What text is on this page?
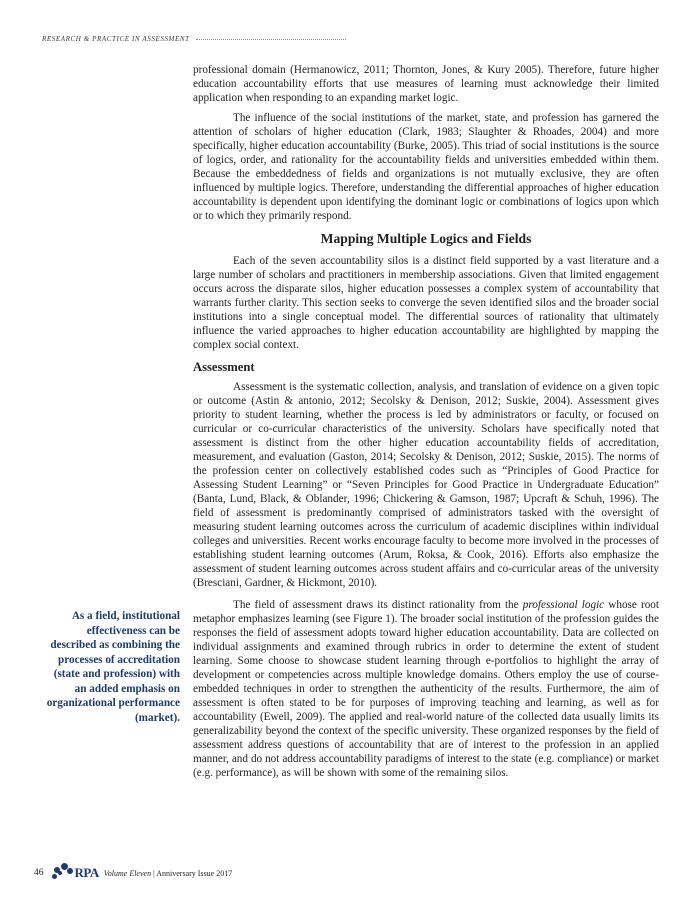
RESEARCH & PRACTICE IN ASSESSMENT

professional domain (Hermanowicz, 2011; Thornton, Jones, & Kury 2005). Therefore, future higher education accountability efforts that use measures of learning must acknowledge their limited application when responding to an expanding market logic.

The influence of the social institutions of the market, state, and profession has garnered the attention of scholars of higher education (Clark, 1983; Slaughter & Rhoades, 2004) and more specifically, higher education accountability (Burke, 2005). This triad of social institutions is the source of logics, order, and rationality for the accountability fields and universities embedded within them. Because the embeddedness of fields and organizations is not mutually exclusive, they are often influenced by multiple logics. Therefore, understanding the differential approaches of higher education accountability is dependent upon identifying the dominant logic or combinations of logics upon which or to which they primarily respond.

Mapping Multiple Logics and Fields

Each of the seven accountability silos is a distinct field supported by a vast literature and a large number of scholars and practitioners in membership associations. Given that limited engagement occurs across the disparate silos, higher education possesses a complex system of accountability that warrants further clarity. This section seeks to converge the seven identified silos and the broader social institutions into a single conceptual model. The differential sources of rationality that ultimately influence the varied approaches to higher education accountability are highlighted by mapping the complex social context.

Assessment

Assessment is the systematic collection, analysis, and translation of evidence on a given topic or outcome (Astin & antonio, 2012; Secolsky & Denison, 2012; Suskie, 2004). Assessment gives priority to student learning, whether the process is led by administrators or faculty, or focused on curricular or co-curricular characteristics of the university. Scholars have specifically noted that assessment is distinct from the other higher education accountability fields of accreditation, measurement, and evaluation (Gaston, 2014; Secolsky & Denison, 2012; Suskie, 2015). The norms of the profession center on collectively established codes such as “Principles of Good Practice for Assessing Student Learning” or “Seven Principles for Good Practice in Undergraduate Education” (Banta, Lund, Black, & Oblander, 1996; Chickering & Gamson, 1987; Upcraft & Schuh, 1996). The field of assessment is predominantly comprised of administrators tasked with the oversight of measuring student learning outcomes across the curriculum of academic disciplines within individual colleges and universities. Recent works encourage faculty to become more involved in the processes of establishing student learning outcomes (Arum, Roksa, & Cook, 2016). Efforts also emphasize the assessment of student learning outcomes across student affairs and co-curricular areas of the university (Bresciani, Gardner, & Hickmont, 2010).

The field of assessment draws its distinct rationality from the professional logic whose root metaphor emphasizes learning (see Figure 1). The broader social institution of the profession guides the responses the field of assessment adopts toward higher education accountability. Data are collected on individual assignments and examined through rubrics in order to determine the extent of student learning. Some choose to showcase student learning through e-portfolios to highlight the array of development or competencies across multiple knowledge domains. Others employ the use of course-embedded techniques in order to strengthen the authenticity of the results. Furthermore, the aim of assessment is often stated to be for purposes of improving teaching and learning, as well as for accountability (Ewell, 2009). The applied and real-world nature of the collected data usually limits its generalizability beyond the context of the specific university. These organized responses by the field of assessment address questions of accountability that are of interest to the profession in an applied manner, and do not address accountability paradigms of interest to the state (e.g. compliance) or market (e.g. performance), as will be shown with some of the remaining silos.

As a field, institutional effectiveness can be described as combining the processes of accreditation (state and profession) with an added emphasis on organizational performance (market).
46 RPA Volume Eleven | Anniversary Issue 2017
